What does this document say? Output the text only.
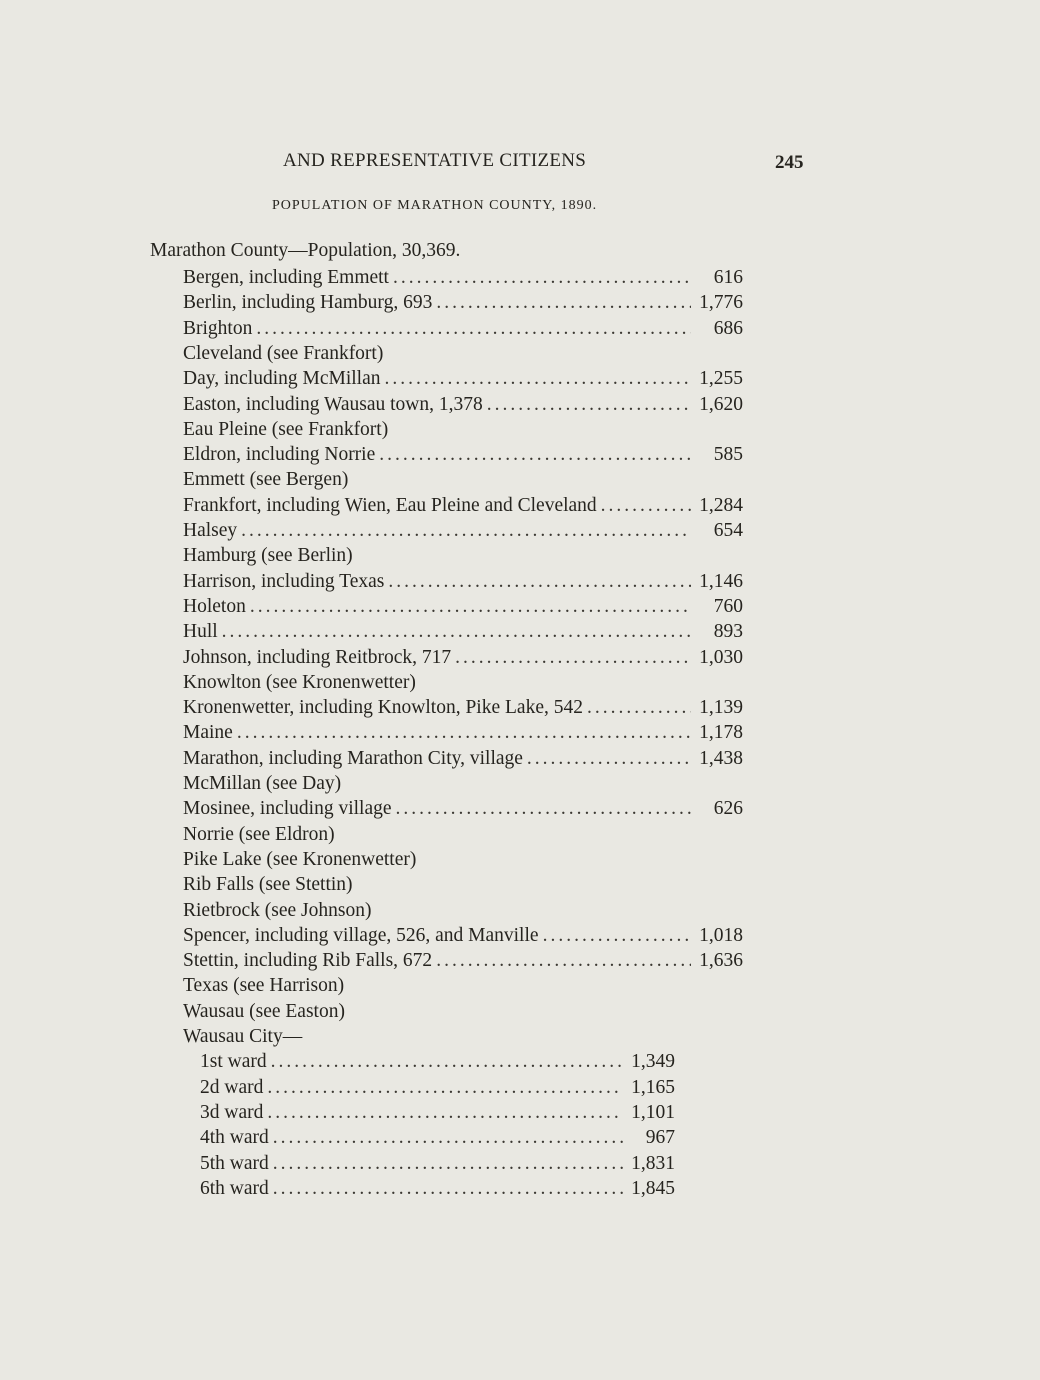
AND REPRESENTATIVE CITIZENS	245
POPULATION OF MARATHON COUNTY, 1890.
Marathon County—Population, 30,369.
Bergen, including Emmett .....	616
Berlin, including Hamburg, 693 .....	1,776
Brighton .....	686
Cleveland (see Frankfort)
Day, including McMillan .....	1,255
Easton, including Wausau town, 1,378 .....	1,620
Eau Pleine (see Frankfort)
Eldron, including Norrie .....	585
Emmett (see Bergen)
Frankfort, including Wien, Eau Pleine and Cleveland .....	1,284
Halsey .....	654
Hamburg (see Berlin)
Harrison, including Texas .....	1,146
Holeton .....	760
Hull .....	893
Johnson, including Reitbrock, 717 .....	1,030
Knowlton (see Kronenwetter)
Kronenwetter, including Knowlton, Pike Lake, 542 .....	1,139
Maine .....	1,178
Marathon, including Marathon City, village .....	1,438
McMillan (see Day)
Mosinee, including village .....	626
Norrie (see Eldron)
Pike Lake (see Kronenwetter)
Rib Falls (see Stettin)
Rietbrock (see Johnson)
Spencer, including village, 526, and Manville .....	1,018
Stettin, including Rib Falls, 672 .....	1,636
Texas (see Harrison)
Wausau (see Easton)
Wausau City—
1st ward .....	1,349
2d ward .....	1,165
3d ward .....	1,101
4th ward .....	967
5th ward .....	1,831
6th ward .....	1,845
